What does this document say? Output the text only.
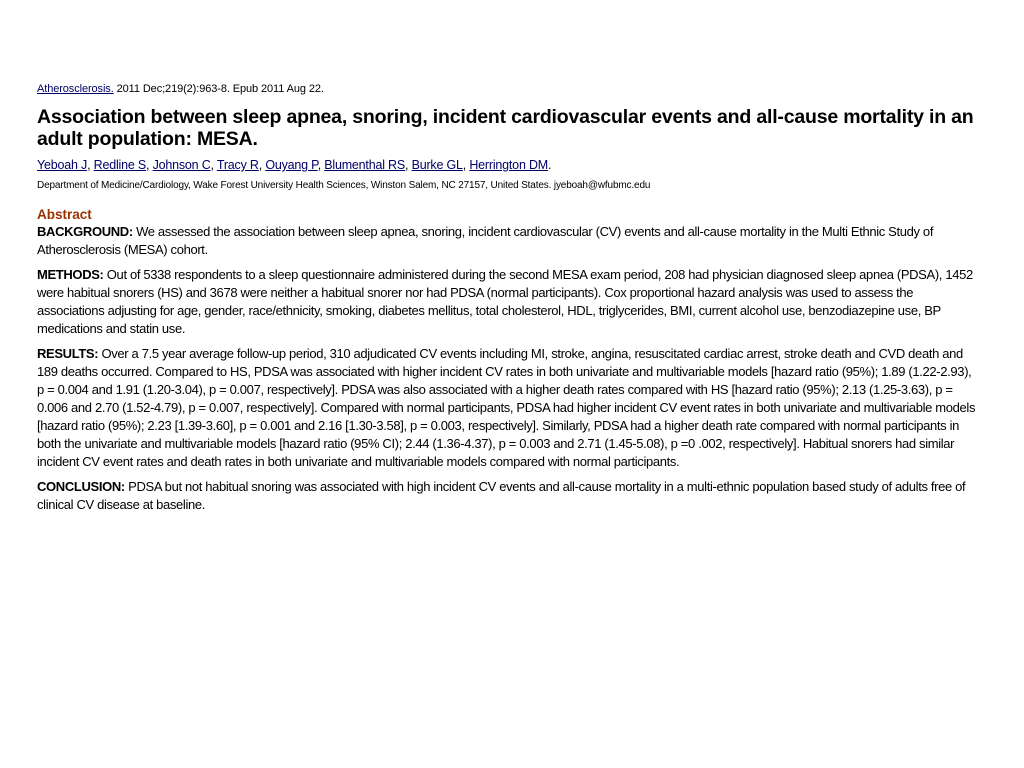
Atherosclerosis. 2011 Dec;219(2):963-8. Epub 2011 Aug 22.
Association between sleep apnea, snoring, incident cardiovascular events and all-cause mortality in an adult population: MESA.
Yeboah J, Redline S, Johnson C, Tracy R, Ouyang P, Blumenthal RS, Burke GL, Herrington DM.
Department of Medicine/Cardiology, Wake Forest University Health Sciences, Winston Salem, NC 27157, United States. jyeboah@wfubmc.edu
Abstract
BACKGROUND: We assessed the association between sleep apnea, snoring, incident cardiovascular (CV) events and all-cause mortality in the Multi Ethnic Study of Atherosclerosis (MESA) cohort.
METHODS: Out of 5338 respondents to a sleep questionnaire administered during the second MESA exam period, 208 had physician diagnosed sleep apnea (PDSA), 1452 were habitual snorers (HS) and 3678 were neither a habitual snorer nor had PDSA (normal participants). Cox proportional hazard analysis was used to assess the associations adjusting for age, gender, race/ethnicity, smoking, diabetes mellitus, total cholesterol, HDL, triglycerides, BMI, current alcohol use, benzodiazepine use, BP medications and statin use.
RESULTS: Over a 7.5 year average follow-up period, 310 adjudicated CV events including MI, stroke, angina, resuscitated cardiac arrest, stroke death and CVD death and 189 deaths occurred. Compared to HS, PDSA was associated with higher incident CV rates in both univariate and multivariable models [hazard ratio (95%); 1.89 (1.22-2.93), p = 0.004 and 1.91 (1.20-3.04), p = 0.007, respectively]. PDSA was also associated with a higher death rates compared with HS [hazard ratio (95%); 2.13 (1.25-3.63), p = 0.006 and 2.70 (1.52-4.79), p = 0.007, respectively]. Compared with normal participants, PDSA had higher incident CV event rates in both univariate and multivariable models [hazard ratio (95%); 2.23 [1.39-3.60], p = 0.001 and 2.16 [1.30-3.58], p = 0.003, respectively]. Similarly, PDSA had a higher death rate compared with normal participants in both the univariate and multivariable models [hazard ratio (95% CI); 2.44 (1.36-4.37), p = 0.003 and 2.71 (1.45-5.08), p =0 .002, respectively]. Habitual snorers had similar incident CV event rates and death rates in both univariate and multivariable models compared with normal participants.
CONCLUSION: PDSA but not habitual snoring was associated with high incident CV events and all-cause mortality in a multi-ethnic population based study of adults free of clinical CV disease at baseline.
